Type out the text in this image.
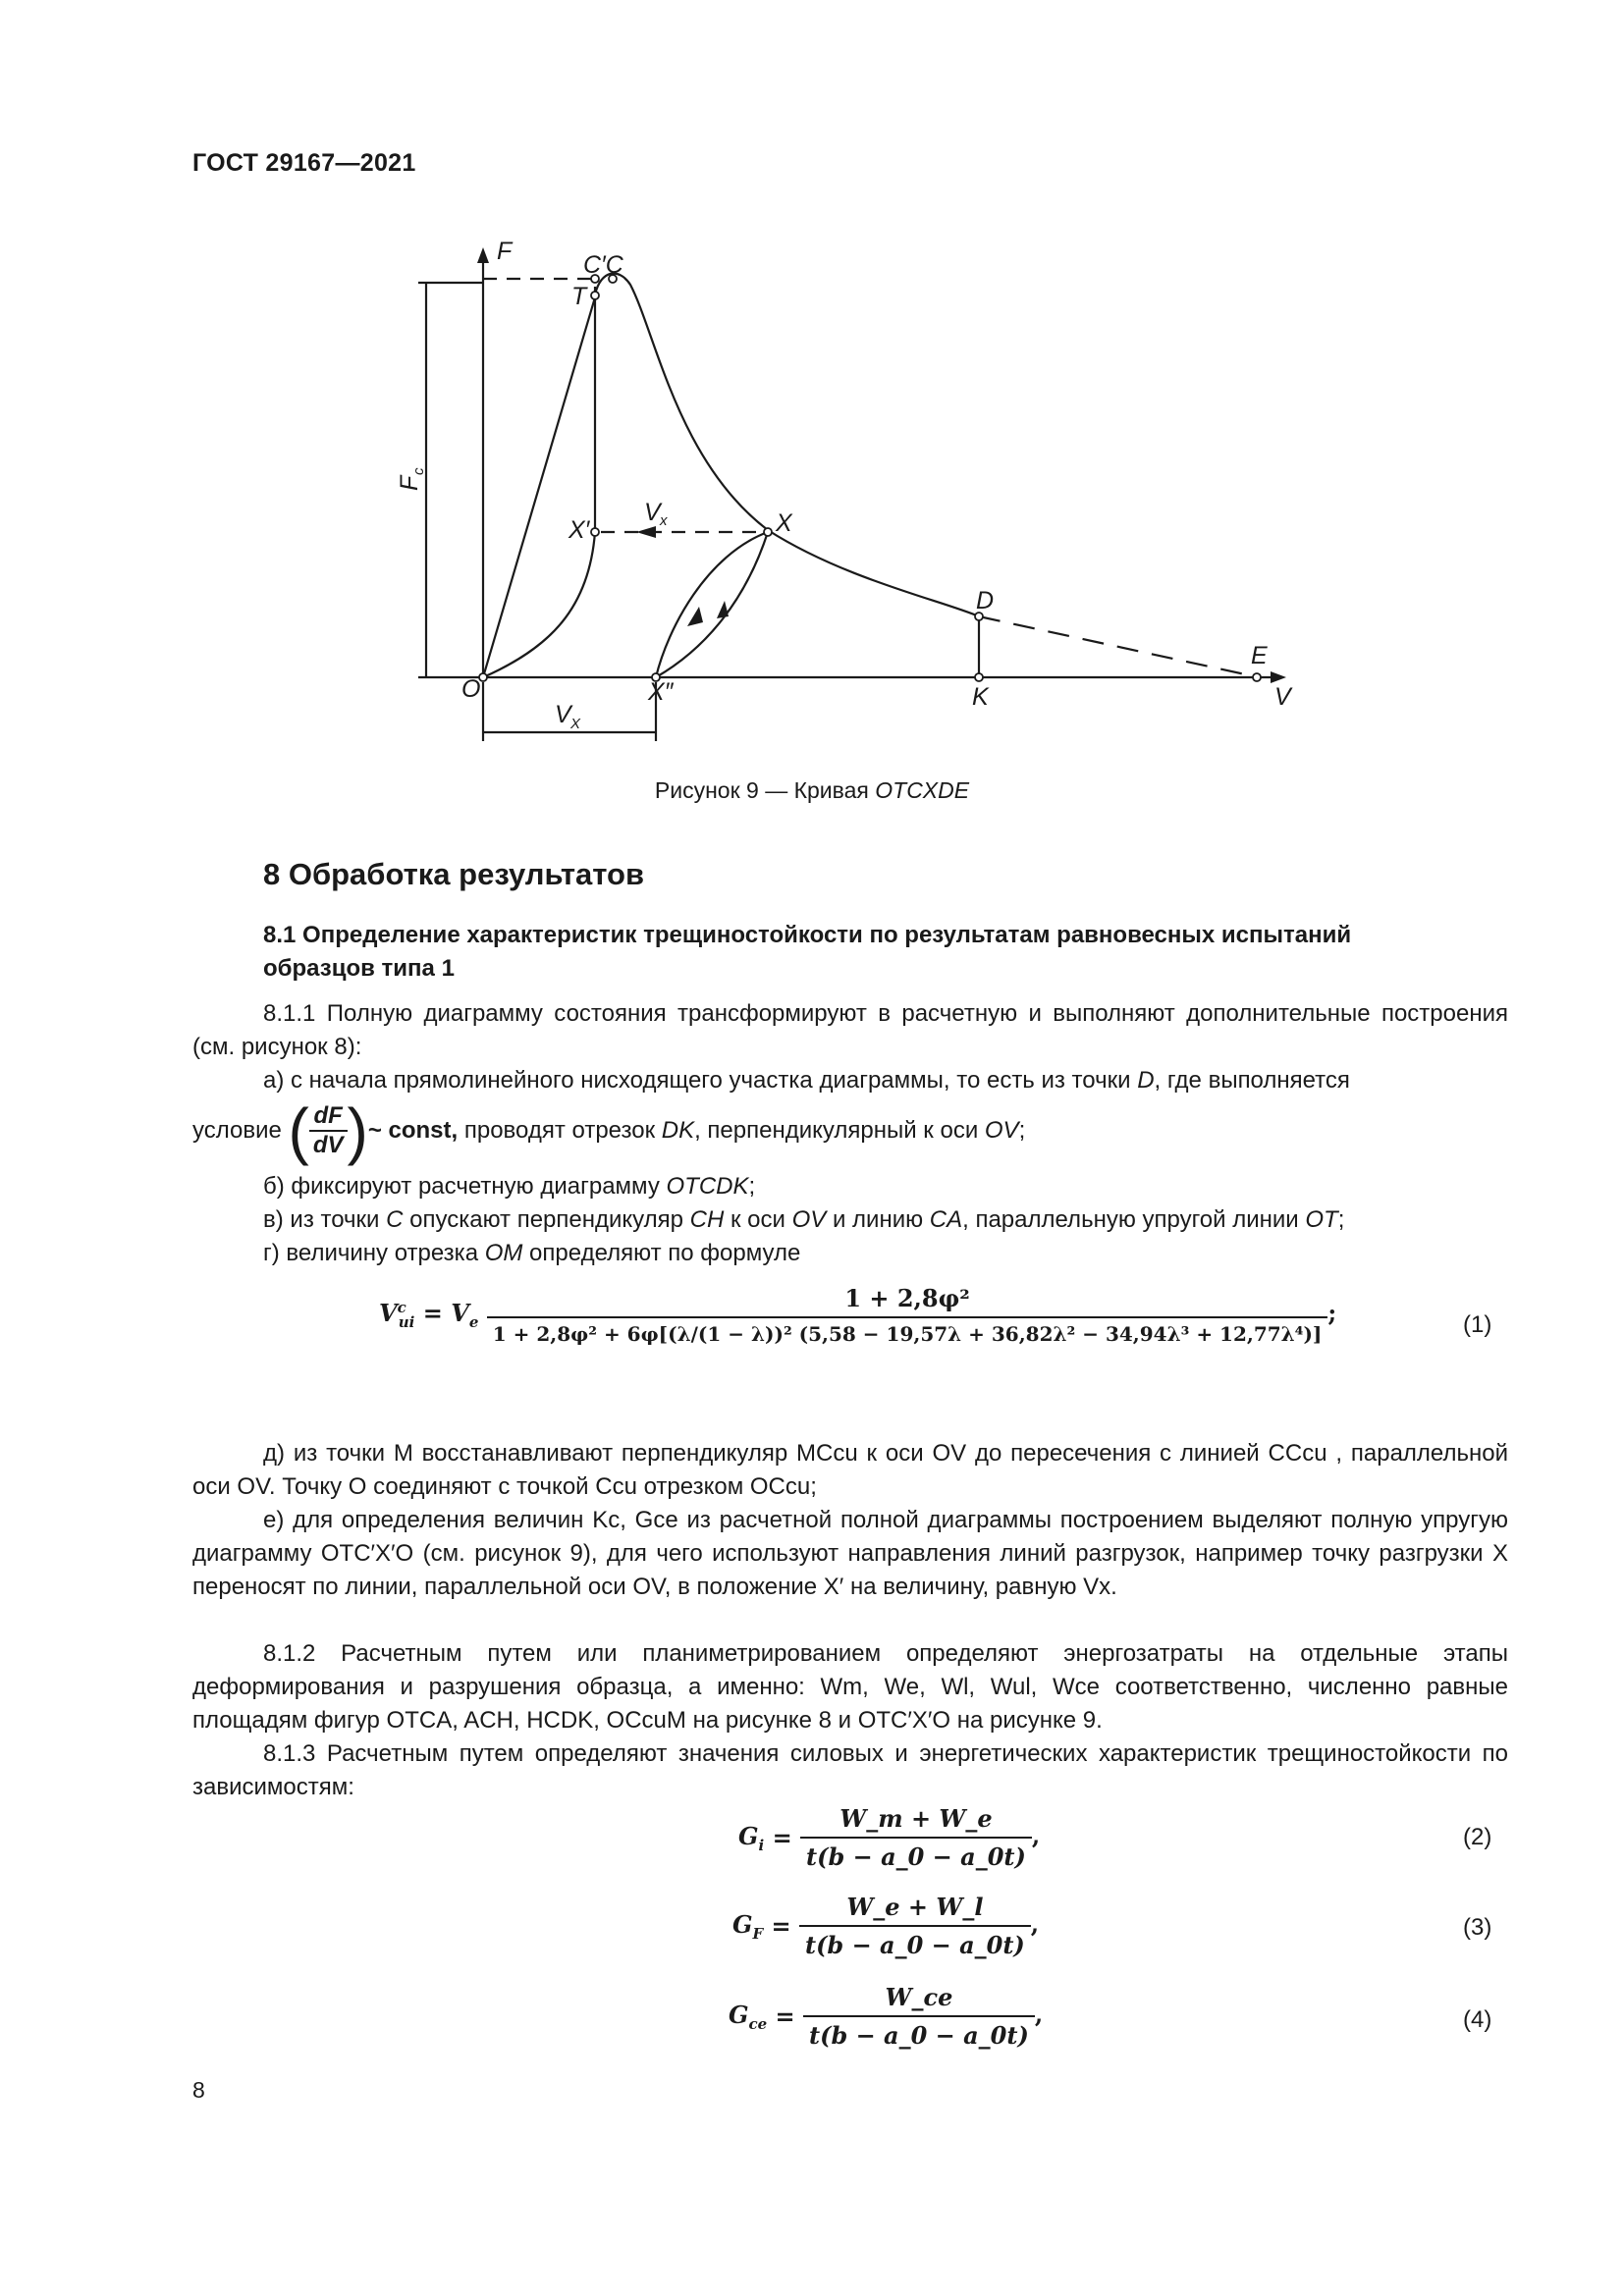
ГОСТ 29167—2021
F	C′C
T
X′	X
D
E
O	X″	K	V
V
V
x
X
F
c
Рисунок 9 — Кривая OTCXDE
8 Обработка результатов
8.1 Определение характеристик трещиностойкости по результатам равновесных испытаний образцов типа 1
8.1.1 Полную диаграмму состояния трансформируют в расчетную и выполняют дополнительные построения (см. рисунок 8):
а) с начала прямолинейного нисходящего участка диаграммы, то есть из точки D, где выполняется
условие ( $\frac{dF}{dV}$ )~ const, проводят отрезок DK, перпендикулярный к оси OV;
б) фиксируют расчетную диаграмму OTCDK;
в) из точки C опускают перпендикуляр CH к оси OV и линию CA, параллельную упругой линии OT;
г) величину отрезка OM определяют по формуле
$V^c_{ui} = V_e$
1 + 2,8φ²
1 + 2,8φ² + 6φ[(λ/(1 − λ))² (5,58 − 19,57λ + 36,82λ² − 34,94λ³ + 12,77λ⁴)]
;	(1)
д) из точки M восстанавливают перпендикуляр MCcu к оси OV до пересечения с линией CCcu , параллельной оси OV. Точку O соединяют с точкой Ccu отрезком OCcu;
е) для определения величин Kc, Gce из расчетной полной диаграммы построением выделяют полную упругую диаграмму OTC′X′O (см. рисунок 9), для чего используют направления линий разгрузок, например точку разгрузки X переносят по линии, параллельной оси OV, в положение X′ на величину, равную Vx.
8.1.2 Расчетным путем или планиметрированием определяют энергозатраты на отдельные этапы деформирования и разрушения образца, а именно: Wm, We, Wl, Wul, Wce соответственно, численно равные площадям фигур OTCA, ACH, HCDK, OCcuM на рисунке 8 и OTC′X′O на рисунке 9.
8.1.3 Расчетным путем определяют значения силовых и энергетических характеристик трещиностойкости по зависимостям:
$G_i = \frac{W\_m + W\_e}{t(b - a\_0 - a\_0t)}$ ,	(2)
$G_F = \frac{W\_e + W\_l}{t(b - a\_0 - a\_0t)}$ ,	(3)
$G_{ce} = \frac{W\_ce}{t(b - a\_0 - a\_0t)}$ ,	(4)
8
